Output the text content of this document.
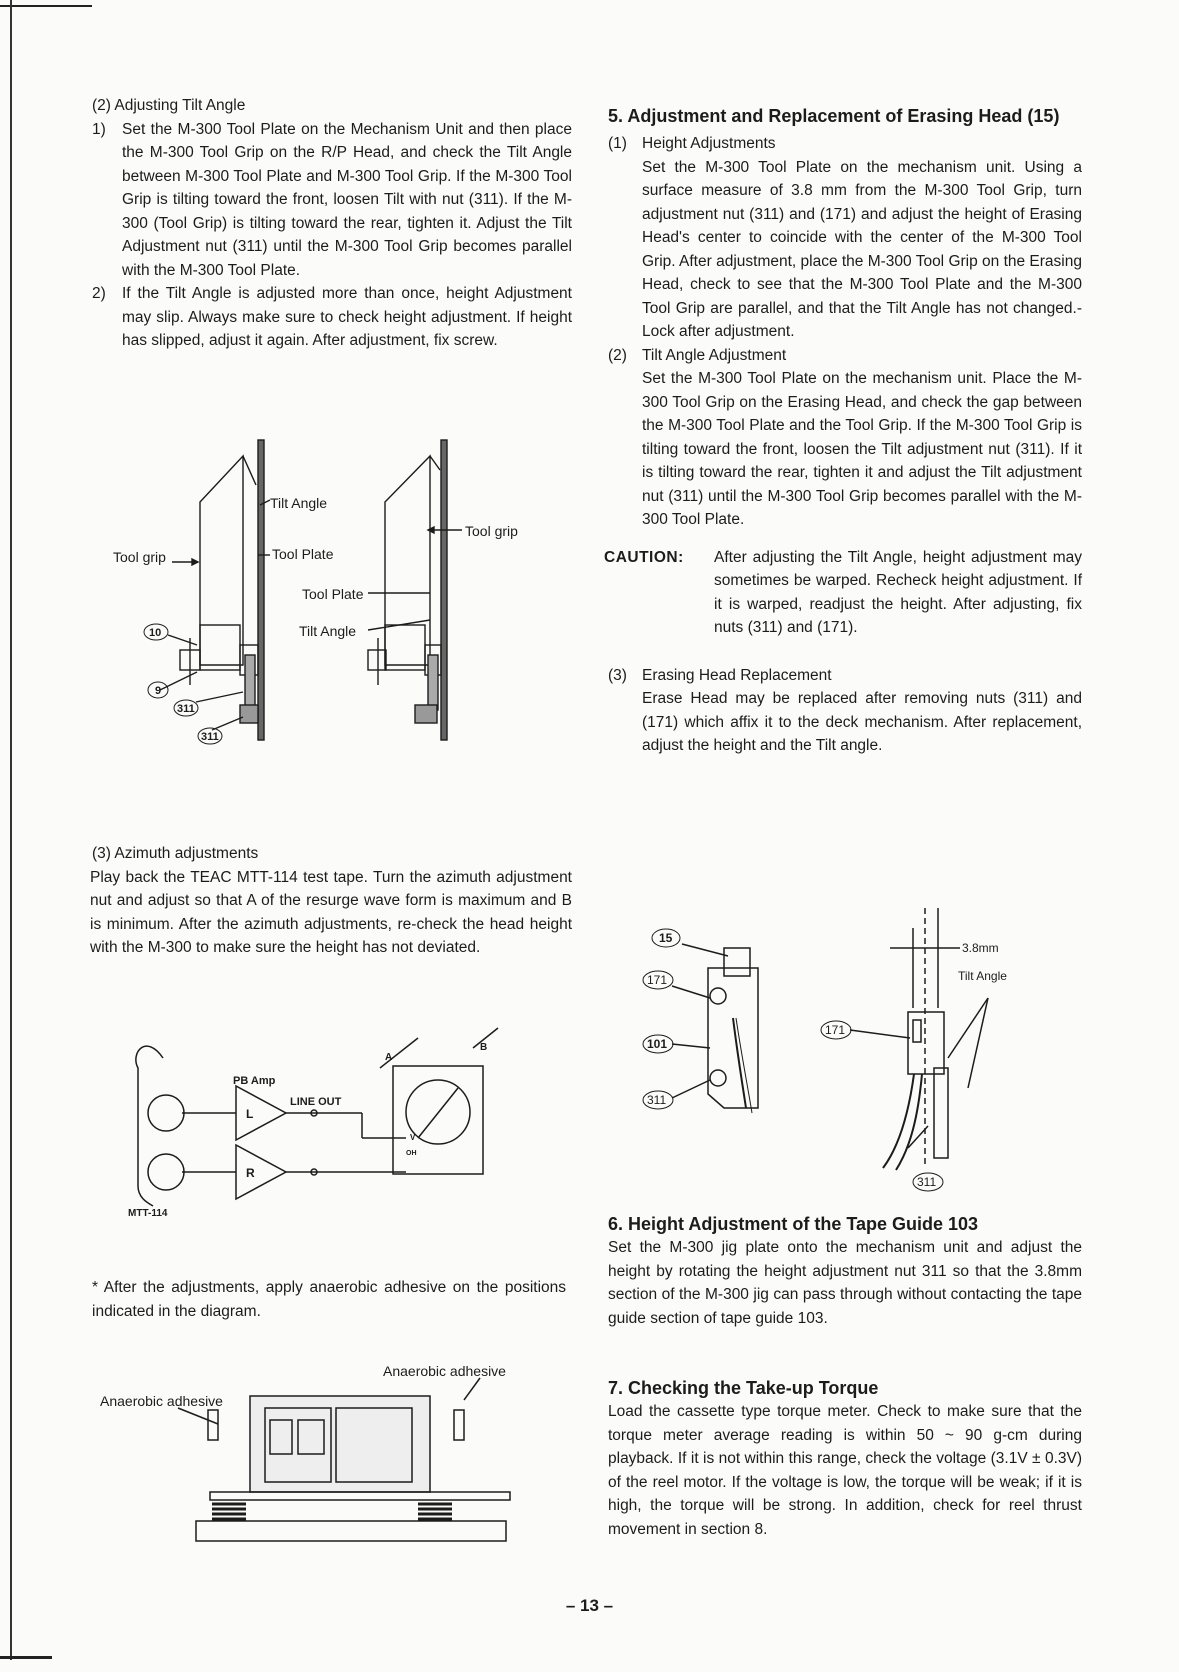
(2) Adjusting Tilt Angle

1)	Set the M-300 Tool Plate on the Mechanism Unit and then place the M-300 Tool Grip on the R/P Head, and check the Tilt Angle between M-300 Tool Plate and M-300 Tool Grip. If the M-300 Tool Grip is tilting toward the front, loosen Tilt with nut (311). If the M-300 (Tool Grip) is tilting toward the rear, tighten it. Adjust the Tilt Adjustment nut (311) until the M-300 Tool Grip becomes parallel with the M-300 Tool Plate.
2)	If the Tilt Angle is adjusted more than once, height Adjustment may slip. Always make sure to check height adjustment. If height has slipped, adjust it again. After adjustment, fix screw.
Tilt Angle
Tool grip	Tool Plate
Tool grip
Tool Plate
Tilt Angle
10
9
311
311

(3) Azimuth adjustments

Play back the TEAC MTT-114 test tape. Turn the azimuth adjustment nut and adjust so that A of the resurge wave form is maximum and B is minimum. After the azimuth adjustments, re-check the head height with the M-300 to make sure the height has not deviated.

PB Amp
LINE OUT
L
R
MTT-114
A
B
V
OH

* After the adjustments, apply anaerobic adhesive on the positions indicated in the diagram.

Anaerobic adhesive
Anaerobic adhesive

5. Adjustment and Replacement of Erasing Head (15)

(1) Height Adjustments

Set the M-300 Tool Plate on the mechanism unit. Using a surface measure of 3.8 mm from the M-300 Tool Grip, turn adjustment nut (311) and (171) and adjust the height of Erasing Head's center to coincide with the center of the M-300 Tool Grip. After adjustment, place the M-300 Tool Grip on the Erasing Head, check to see that the M-300 Tool Plate and the M-300 Tool Grip are parallel, and that the Tilt Angle has not changed.- Lock after adjustment.

(2) Tilt Angle Adjustment

Set the M-300 Tool Plate on the mechanism unit. Place the M-300 Tool Grip on the Erasing Head, and check the gap between the M-300 Tool Plate and the Tool Grip. If the M-300 Tool Grip is tilting toward the front, loosen the Tilt adjustment nut (311). If it is tilting toward the rear, tighten it and adjust the Tilt adjustment nut (311) until the M-300 Tool Grip becomes parallel with the M-300 Tool Plate.

CAUTION:	After adjusting the Tilt Angle, height adjustment may sometimes be warped. Recheck height adjustment. If it is warped, readjust the height. After adjusting, fix nuts (311) and (171).
(3) Erasing Head Replacement

Erase Head may be replaced after removing nuts (311) and (171) which affix it to the deck mechanism. After replacement, adjust the height and the Tilt angle.

15
171
101
311
3.8mm
Tilt Angle
171
311

6. Height Adjustment of the Tape Guide 103

Set the M-300 jig plate onto the mechanism unit and adjust the height by rotating the height adjustment nut 311 so that the 3.8mm section of the M-300 jig can pass through without contacting the tape guide section of tape guide 103.

7. Checking the Take-up Torque

Load the cassette type torque meter. Check to make sure that the torque meter average reading is within 50 ~ 90 g-cm during playback. If it is not within this range, check the voltage (3.1V ± 0.3V) of the reel motor. If the voltage is low, the torque will be weak; if it is high, the torque will be strong. In addition, check for reel thrust movement in section 8.

– 13 –
